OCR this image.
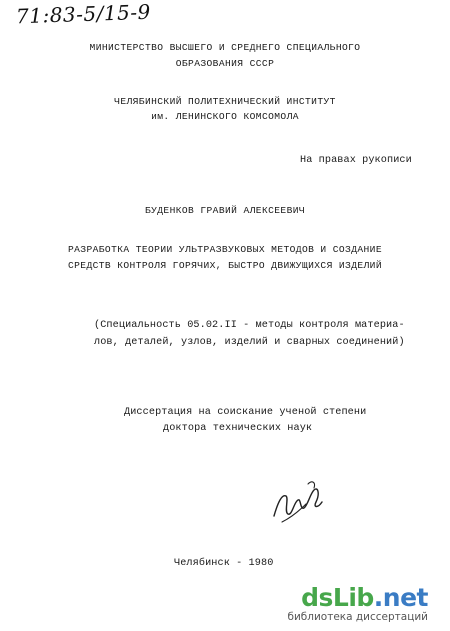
71:83-5/15-9
МИНИСТЕРСТВО ВЫСШЕГО И СРЕДНЕГО СПЕЦИАЛЬНОГО
ОБРАЗОВАНИЯ СССР
ЧЕЛЯБИНСКИЙ ПОЛИТЕХНИЧЕСКИЙ ИНСТИТУТ
им. ЛЕНИНСКОГО КОМСОМОЛА
На правах рукописи
БУДЕНКОВ ГРАВИЙ АЛЕКСЕЕВИЧ
РАЗРАБОТКА ТЕОРИИ УЛЬТРАЗВУКОВЫХ МЕТОДОВ И СОЗДАНИЕ
СРЕДСТВ КОНТРОЛЯ ГОРЯЧИХ, БЫСТРО ДВИЖУЩИХСЯ ИЗДЕЛИЙ
(Специальность 05.02.II - методы контроля материа-
лов, деталей, узлов, изделий и сварных соединений)
Диссертация на соискание ученой степени
доктора технических наук
Челябинск - 1980
dsLib.net
библиотека диссертаций
